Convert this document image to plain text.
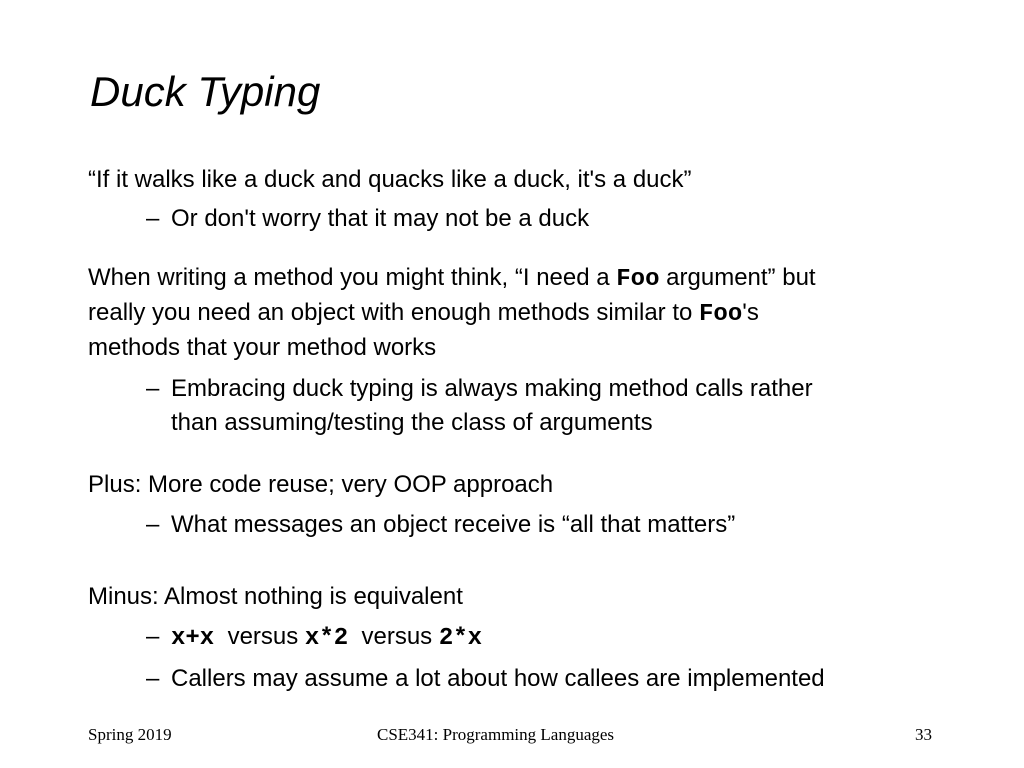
Duck Typing
“If it walks like a duck and quacks like a duck, it's a duck”
– Or don't worry that it may not be a duck
When writing a method you might think, “I need a Foo argument” but
really you need an object with enough methods similar to Foo's
methods that your method works
– Embracing duck typing is always making method calls rather
than assuming/testing the class of arguments
Plus: More code reuse; very OOP approach
– What messages an object receive is “all that matters”
Minus: Almost nothing is equivalent
– x+x versus x*2 versus 2*x
– Callers may assume a lot about how callees are implemented
Spring 2019	CSE341: Programming Languages	33
